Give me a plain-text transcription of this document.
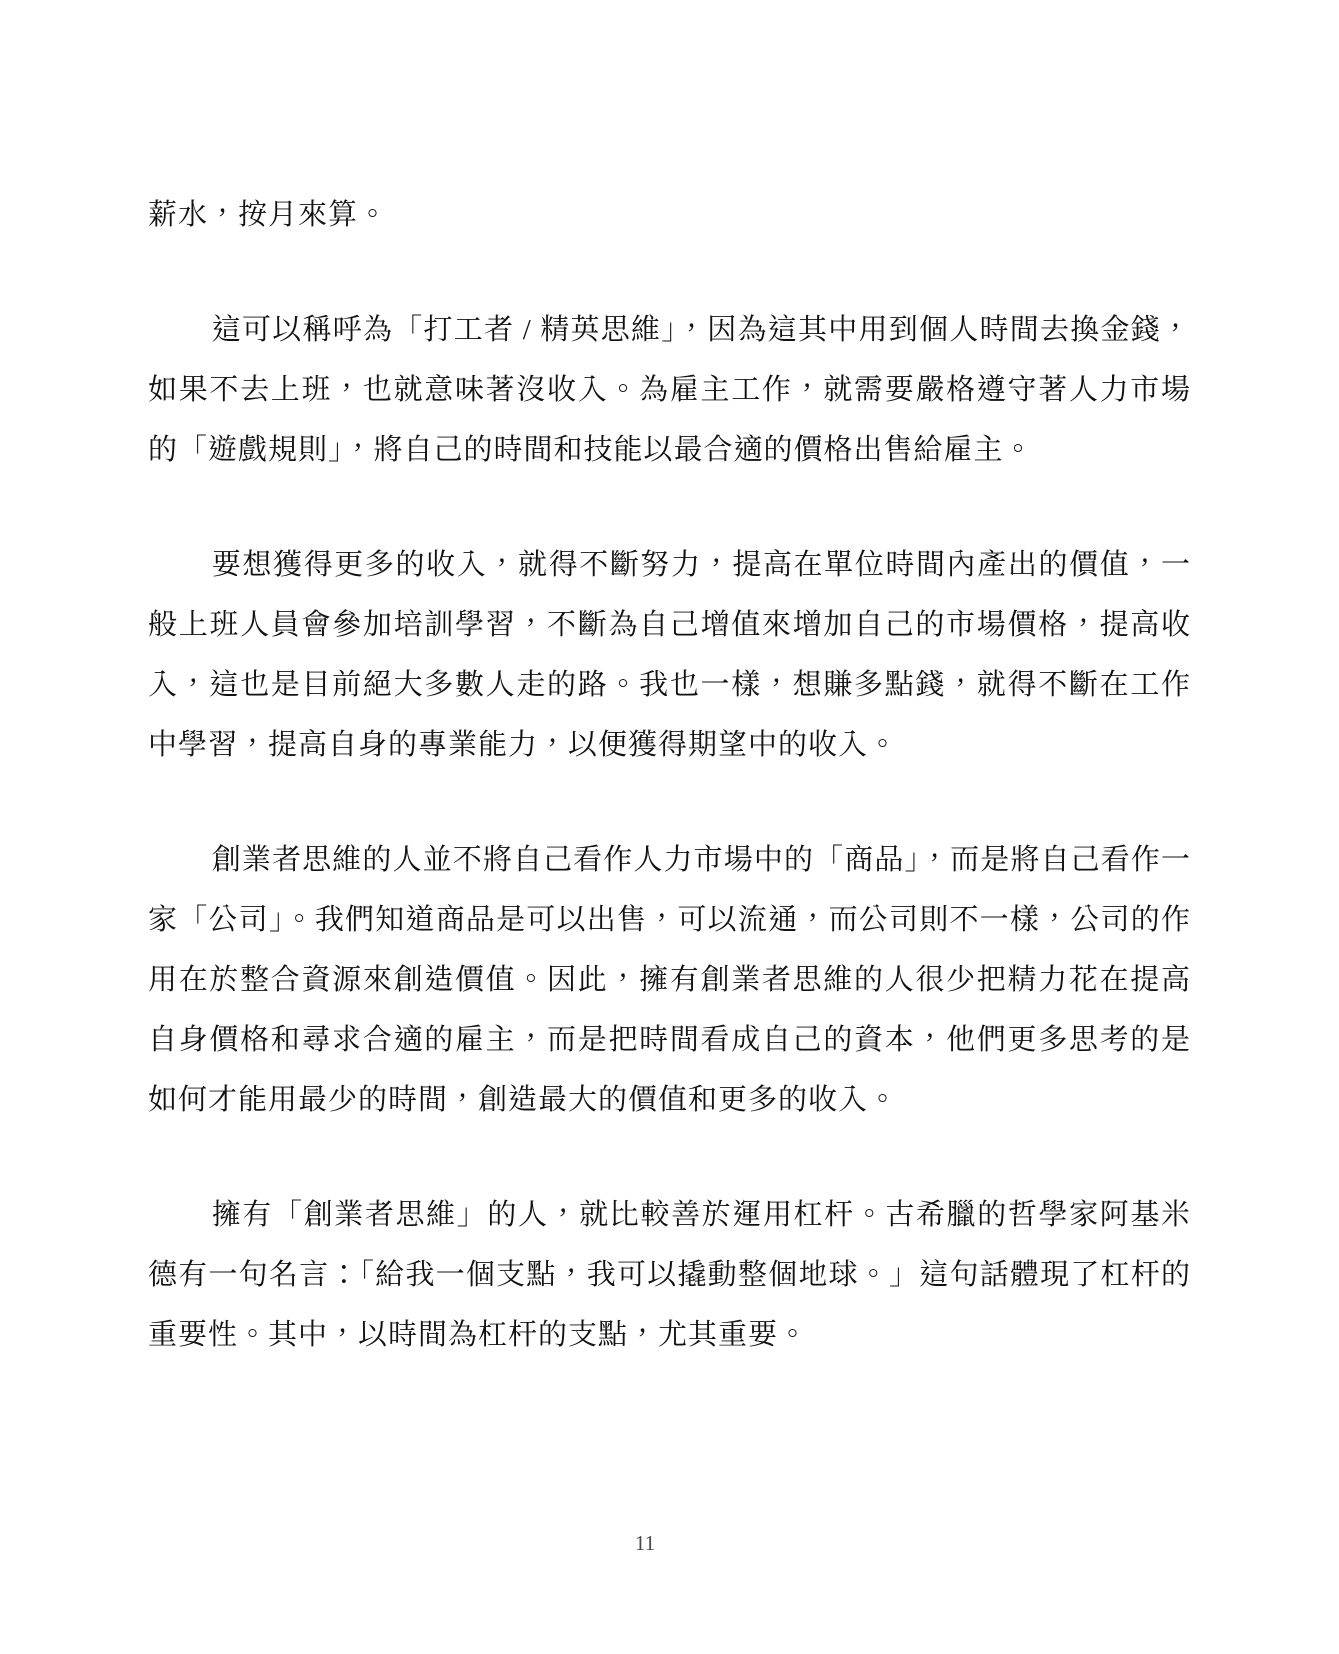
薪水，按月來算。

這可以稱呼為「打工者 / 精英思維」，因為這其中用到個人時間去換金錢，如果不去上班，也就意味著沒收入。為雇主工作，就需要嚴格遵守著人力市場的「遊戲規則」，將自己的時間和技能以最合適的價格出售給雇主。

要想獲得更多的收入，就得不斷努力，提高在單位時間內產出的價值，一般上班人員會參加培訓學習，不斷為自己增值來增加自己的市場價格，提高收入，這也是目前絕大多數人走的路。我也一樣，想賺多點錢，就得不斷在工作中學習，提高自身的專業能力，以便獲得期望中的收入。

創業者思維的人並不將自己看作人力市場中的「商品」，而是將自己看作一家「公司」。我們知道商品是可以出售，可以流通，而公司則不一樣，公司的作用在於整合資源來創造價值。因此，擁有創業者思維的人很少把精力花在提高自身價格和尋求合適的雇主，而是把時間看成自己的資本，他們更多思考的是如何才能用最少的時間，創造最大的價值和更多的收入。

擁有「創業者思維」的人，就比較善於運用杠杆。古希臘的哲學家阿基米德有一句名言：「給我一個支點，我可以撬動整個地球。」這句話體現了杠杆的重要性。其中，以時間為杠杆的支點，尤其重要。

11
